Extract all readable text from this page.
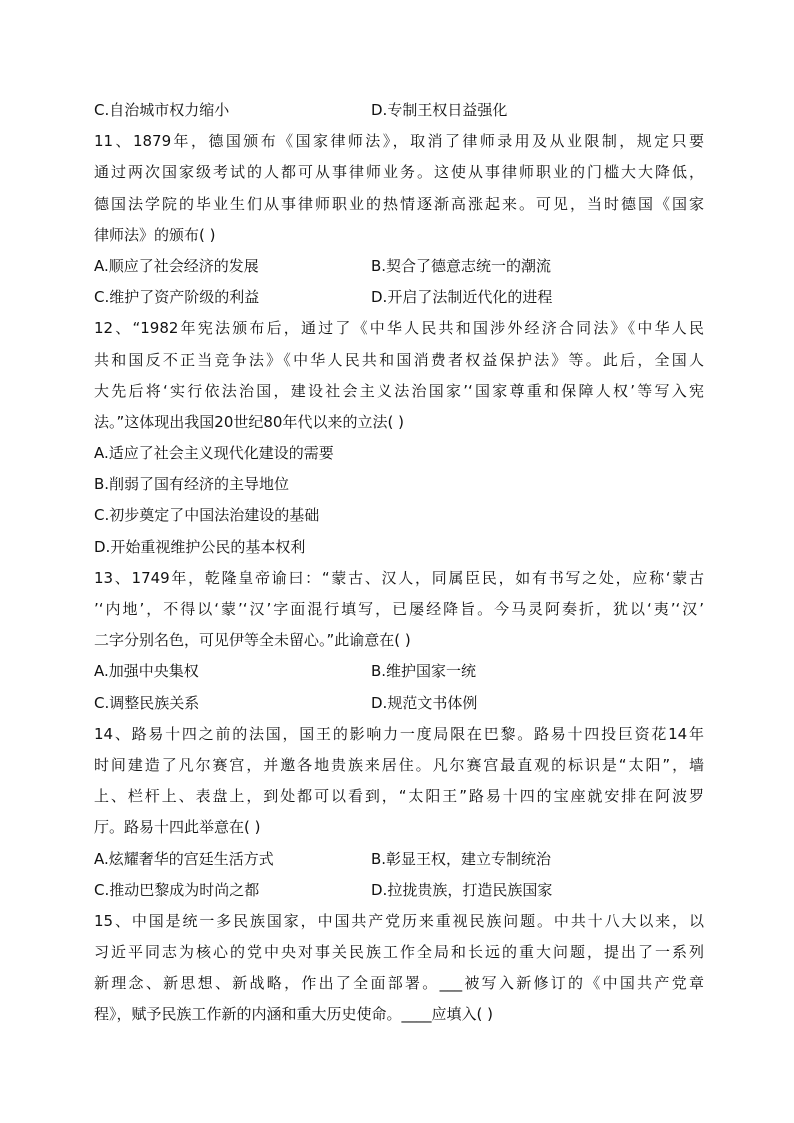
C.自治城市权力缩小	D.专制王权日益强化
11、1879年，德国颁布《国家律师法》，取消了律师录用及从业限制，规定只要
通过两次国家级考试的人都可从事律师业务。这使从事律师职业的门槛大大降低，
德国法学院的毕业生们从事律师职业的热情逐渐高涨起来。可见，当时德国《国家
律师法》的颁布( )
A.顺应了社会经济的发展	B.契合了德意志统一的潮流
C.维护了资产阶级的利益	D.开启了法制近代化的进程
12、“1982年宪法颁布后，通过了《中华人民共和国涉外经济合同法》《中华人民
共和国反不正当竞争法》《中华人民共和国消费者权益保护法》等。此后，全国人
大先后将‘实行依法治国，建设社会主义法治国家’‘国家尊重和保障人权’等写入宪
法。”这体现出我国20世纪80年代以来的立法( )
A.适应了社会主义现代化建设的需要
B.削弱了国有经济的主导地位
C.初步奠定了中国法治建设的基础
D.开始重视维护公民的基本权利
13、1749年，乾隆皇帝谕曰：“蒙古、汉人，同属臣民，如有书写之处，应称‘蒙古
’‘内地’，不得以‘蒙’‘汉’字面混行填写，已屡经降旨。今马灵阿奏折，犹以‘夷’‘汉’
二字分别名色，可见伊等全未留心。”此谕意在( )
A.加强中央集权	B.维护国家一统
C.调整民族关系	D.规范文书体例
14、路易十四之前的法国，国王的影响力一度局限在巴黎。路易十四投巨资花14年
时间建造了凡尔赛宫，并邀各地贵族来居住。凡尔赛宫最直观的标识是“太阳”，墙
上、栏杆上、表盘上，到处都可以看到，“太阳王”路易十四的宝座就安排在阿波罗
厅。路易十四此举意在( )
A.炫耀奢华的宫廷生活方式	B.彰显王权，建立专制统治
C.推动巴黎成为时尚之都	D.拉拢贵族，打造民族国家
15、中国是统一多民族国家，中国共产党历来重视民族问题。中共十八大以来，以
习近平同志为核心的党中央对事关民族工作全局和长远的重大问题，提出了一系列
新理念、新思想、新战略，作出了全面部署。___被写入新修订的《中国共产党章
程》，赋予民族工作新的内涵和重大历史使命。____应填入( )
